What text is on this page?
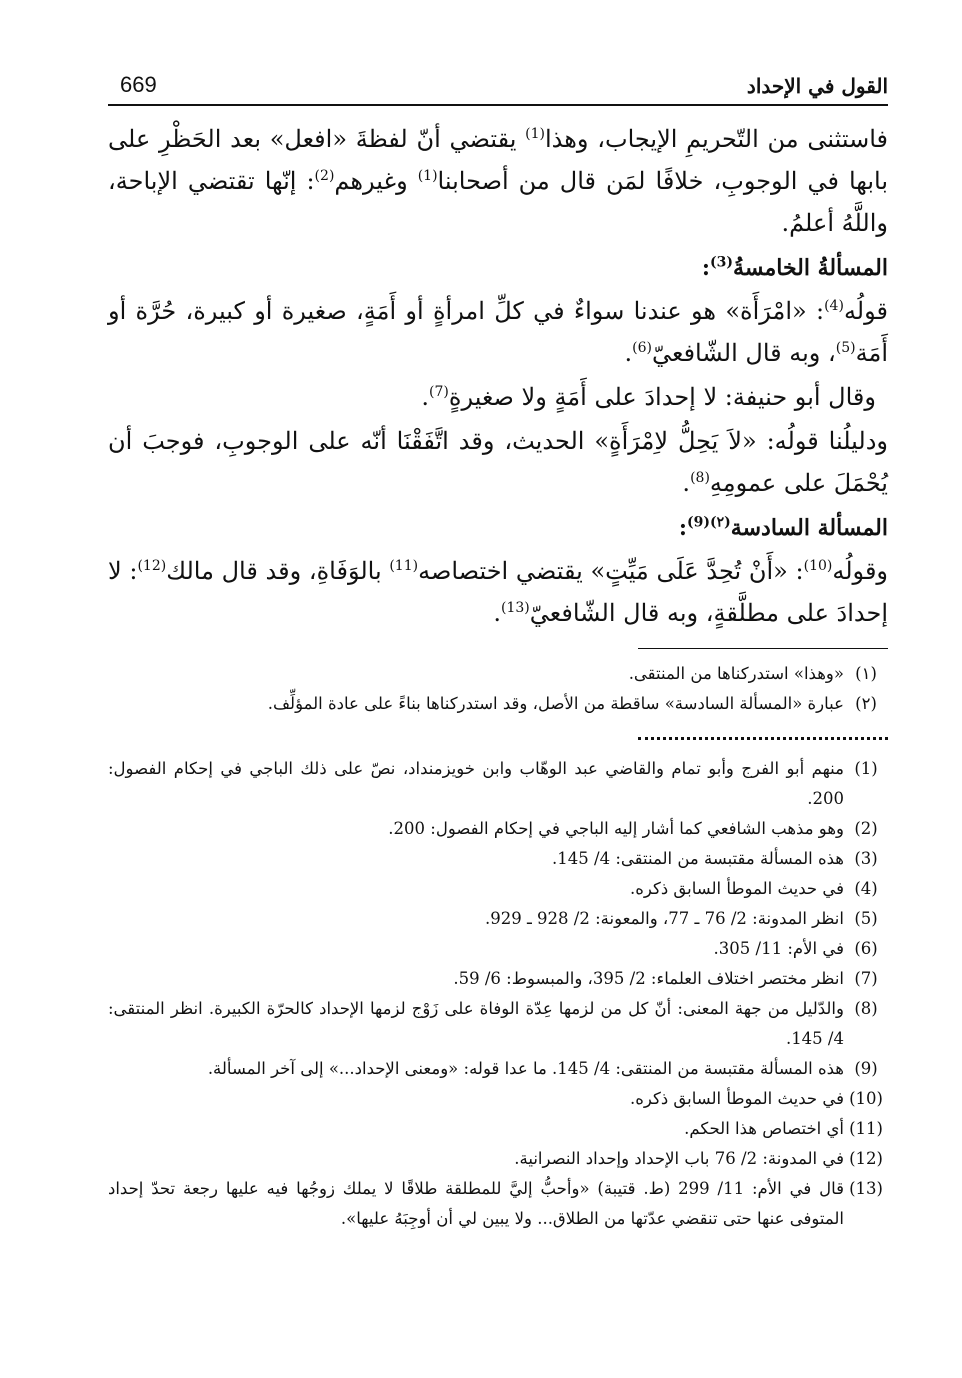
669	القول في الإحداد

فاستثنى من التّحريمِ الإيجاب، وهذا$^{(1)}$ يقتضي أنّ لفظةَ «افعل» بعد الحَظْرِ على بابها في الوجوبِ، خلافًا لمَن قال من أصحابنا$^{(1)}$ وغيرهم$^{(2)}$: إنّها تقتضي الإباحة، واللَّهُ أعلمُ.

المسألةُ الخامسةُ$^{(3)}$:

قولُه$^{(4)}$: «امْرَأَة» هو عندنا سواءٌ في كلِّ امرأةٍ أو أَمَةٍ، صغيرة أو كبيرة، حُرَّة أو أَمَة$^{(5)}$، وبه قال الشّافعيّ$^{(6)}$.

وقال أبو حنيفة: لا إحدادَ على أَمَةٍ ولا صغيرةٍ$^{(7)}$.

ودليلُنا قولُه: «لاَ يَحِلُّ لاِمْرَأَةٍ» الحديث، وقد اتَّفَقْنَا أنّه على الوجوبِ، فوجبَ أن يُحْمَلَ على عمومِهِ$^{(8)}$.

المسألة السادسة$^{(٢)(9)}$:

وقولُه$^{(10)}$: «أَنْ تُحِدَّ عَلَى مَيِّتٍ» يقتضي اختصاصه$^{(11)}$ بالوَفَاةِ، وقد قال مالك$^{(12)}$: لا إحدادَ على مطلَّقةٍ، وبه قال الشّافعيّ$^{(13)}$.

(١)
«وهذا» استدركناها من المنتقى.
(٢)
عبارة «المسألة السادسة» ساقطة من الأصل، وقد استدركناها بناءً على عادة المؤلِّف.
(1)
منهم أبو الفرج وأبو تمام والقاضي عبد الوهّاب وابن خويزمنداد، نصّ على ذلك الباجي في إحكام الفصول: 200.
(2)
وهو مذهب الشافعي كما أشار إليه الباجي في إحكام الفصول: 200.
(3)
هذه المسألة مقتبسة من المنتقى: 4/ 145.
(4)
في حديث الموطأ السابق ذكره.
(5)
انظر المدونة: 2/ 76 ـ 77، والمعونة: 2/ 928 ـ 929.
(6)
في الأم: 11/ 305.
(7)
انظر مختصر اختلاف العلماء: 2/ 395، والمبسوط: 6/ 59.
(8)
والدّليل من جهة المعنى: أنّ كل من لزمها عِدّة الوفاة على زَوْج لزمها الإحداد كالحرّة الكبيرة. انظر المنتقى: 4/ 145.
(9)
هذه المسألة مقتبسة من المنتقى: 4/ 145. ما عدا قوله: «ومعنى الإحداد...» إلى آخر المسألة.
(10)
في حديث الموطأ السابق ذكره.
(11)
أي اختصاص هذا الحكم.
(12)
في المدونة: 2/ 76 باب الإحداد وإحداد النصرانية.
(13)
قال في الأم: 11/ 299 (ط. قتيبة) «وأحبُّ إليَّ للمطلقة طلاقًا لا يملك زوجُها فيه عليها رجعة تحدّ إحداد المتوفى عنها حتى تنقضي عدّتها من الطلاق... ولا يبين لي أن أوجِبَهُ عليها».
